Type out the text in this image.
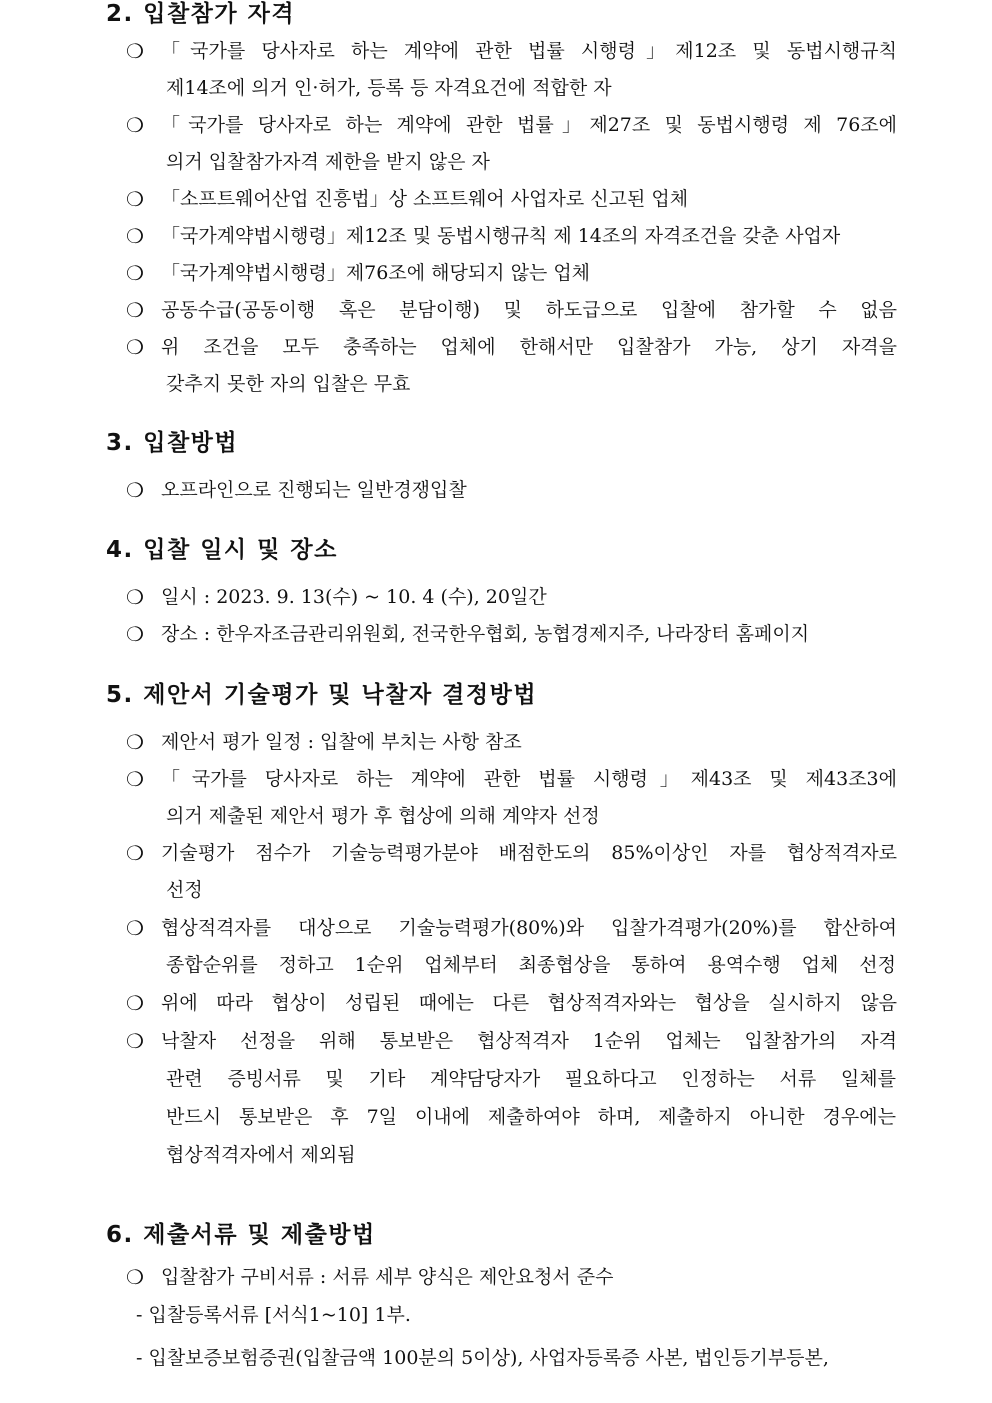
2. 입찰참가 자격
❍ 「국가를 당사자로 하는 계약에 관한 법률 시행령」제12조 및 동법시행규칙
제14조에 의거 인·허가, 등록 등 자격요건에 적합한 자
❍ 「국가를 당사자로 하는 계약에 관한 법률」제27조 및 동법시행령 제 76조에
의거 입찰참가자격 제한을 받지 않은 자
❍ 「소프트웨어산업 진흥법」상 소프트웨어 사업자로 신고된 업체
❍ 「국가계약법시행령」제12조 및 동법시행규칙 제 14조의 자격조건을 갖춘 사업자
❍ 「국가계약법시행령」제76조에 해당되지 않는 업체
❍ 공동수급(공동이행 혹은 분담이행) 및 하도급으로 입찰에 참가할 수 없음
❍ 위 조건을 모두 충족하는 업체에 한해서만 입찰참가 가능, 상기 자격을
갖추지 못한 자의 입찰은 무효
3. 입찰방법
❍ 오프라인으로 진행되는 일반경쟁입찰
4. 입찰 일시 및 장소
❍ 일시 : 2023. 9. 13(수) ~ 10. 4 (수), 20일간
❍ 장소 : 한우자조금관리위원회, 전국한우협회, 농협경제지주, 나라장터 홈페이지
5. 제안서 기술평가 및 낙찰자 결정방법
❍ 제안서 평가 일정 : 입찰에 부치는 사항 참조
❍ 「국가를 당사자로 하는 계약에 관한 법률 시행령」제43조 및 제43조3에
의거 제출된 제안서 평가 후 협상에 의해 계약자 선정
❍ 기술평가 점수가 기술능력평가분야 배점한도의 85%이상인 자를 협상적격자로
선정
❍ 협상적격자를 대상으로 기술능력평가(80%)와 입찰가격평가(20%)를 합산하여
종합순위를 정하고 1순위 업체부터 최종협상을 통하여 용역수행 업체 선정
❍ 위에 따라 협상이 성립된 때에는 다른 협상적격자와는 협상을 실시하지 않음
❍ 낙찰자 선정을 위해 통보받은 협상적격자 1순위 업체는 입찰참가의 자격
관련 증빙서류 및 기타 계약담당자가 필요하다고 인정하는 서류 일체를
반드시 통보받은 후 7일 이내에 제출하여야 하며, 제출하지 아니한 경우에는
협상적격자에서 제외됨
6. 제출서류 및 제출방법
❍ 입찰참가 구비서류 : 서류 세부 양식은 제안요청서 준수
- 입찰등록서류 [서식1~10] 1부.
- 입찰보증보험증권(입찰금액 100분의 5이상), 사업자등록증 사본, 법인등기부등본,
